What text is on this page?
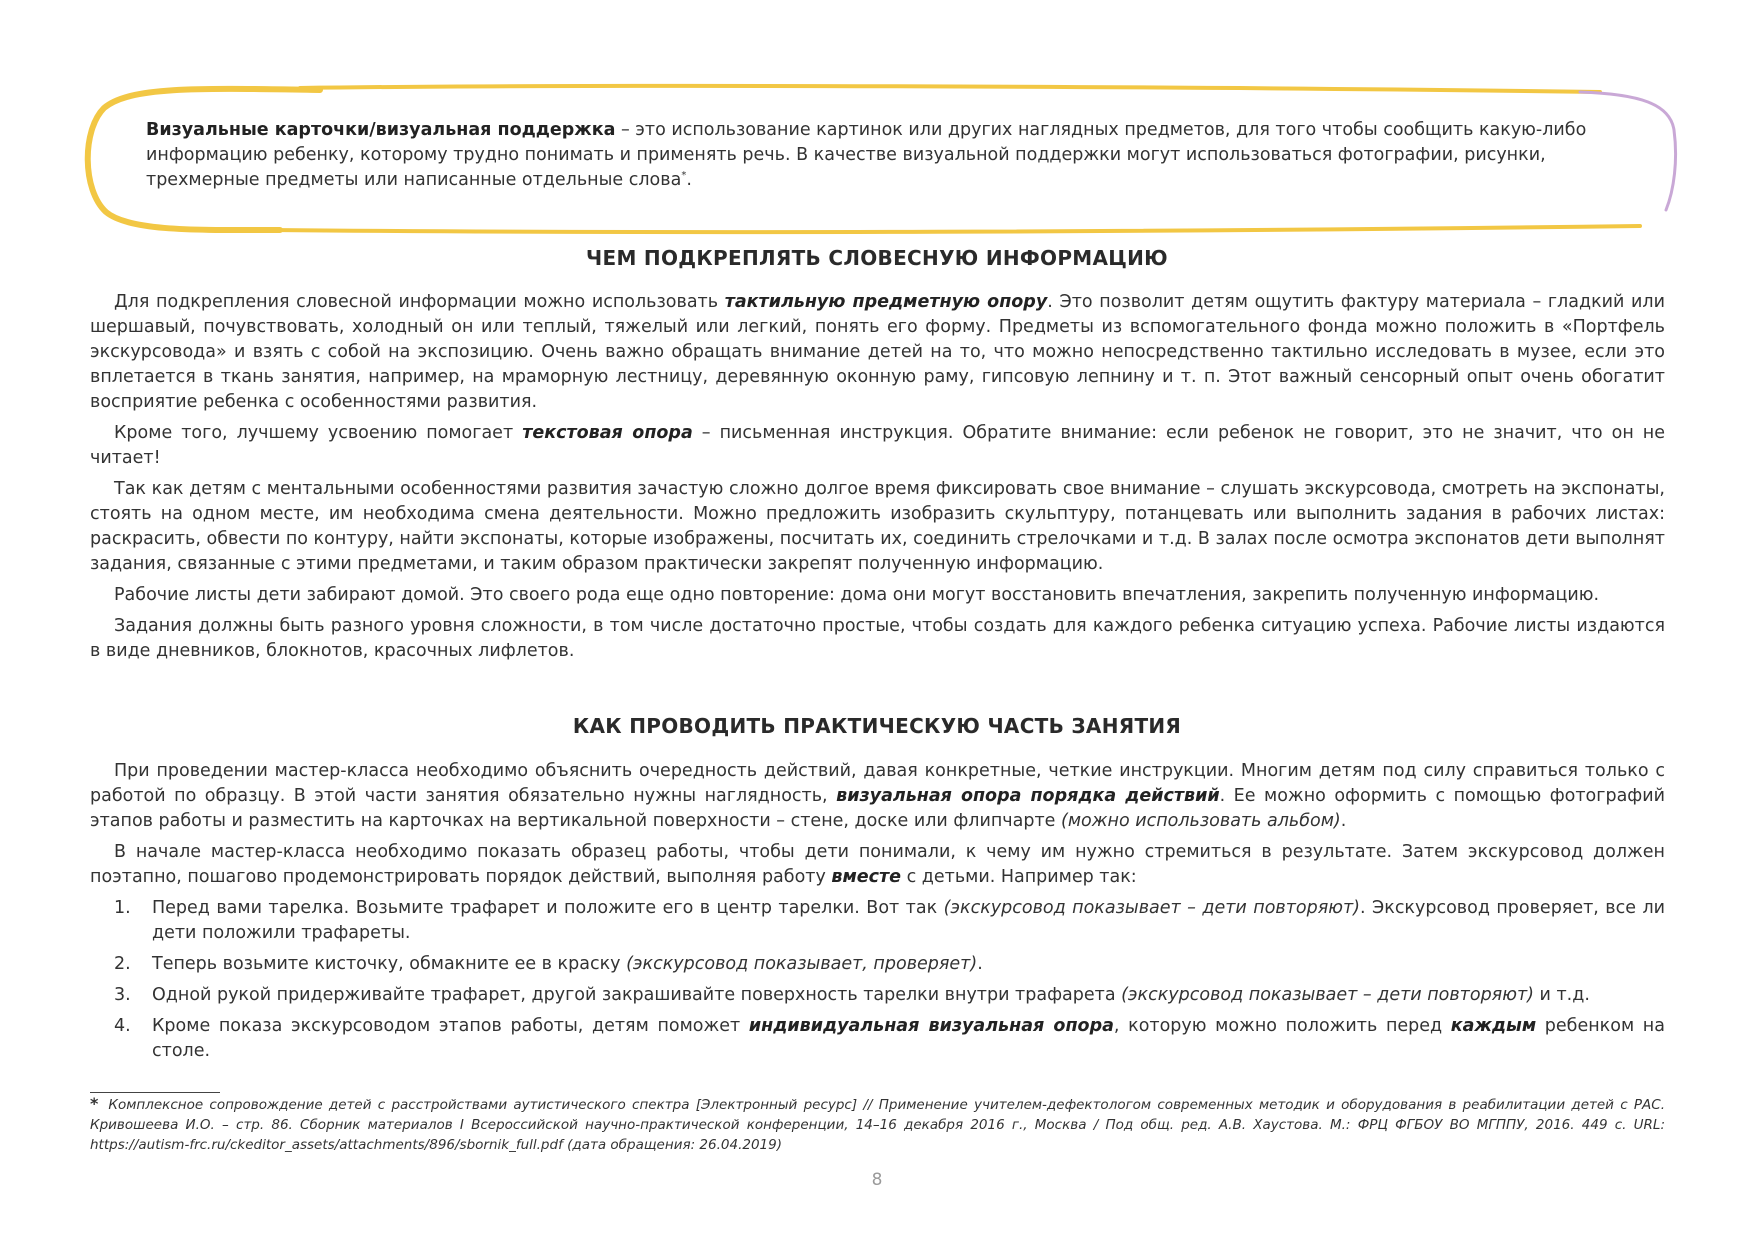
Визуальные карточки/визуальная поддержка – это использование картинок или других наглядных предметов, для того чтобы сообщить какую-либо информацию ребенку, которому трудно понимать и применять речь. В качестве визуальной поддержки могут использоваться фотографии, рисунки, трехмерные предметы или написанные отдельные слова*.
ЧЕМ ПОДКРЕПЛЯТЬ СЛОВЕСНУЮ ИНФОРМАЦИЮ

Для подкрепления словесной информации можно использовать тактильную предметную опору. Это позволит детям ощутить фактуру материала – гладкий или шершавый, почувствовать, холодный он или теплый, тяжелый или легкий, понять его форму. Предметы из вспомогательного фонда можно положить в «Портфель экскурсовода» и взять с собой на экспозицию. Очень важно обращать внимание детей на то, что можно непосредственно тактильно исследовать в музее, если это вплетается в ткань занятия, например, на мраморную лестницу, деревянную оконную раму, гипсовую лепнину и т. п. Этот важный сенсорный опыт очень обогатит восприятие ребенка с особенностями развития.

Кроме того, лучшему усвоению помогает текстовая опора – письменная инструкция. Обратите внимание: если ребенок не говорит, это не значит, что он не читает!

Так как детям с ментальными особенностями развития зачастую сложно долгое время фиксировать свое внимание – слушать экскурсовода, смотреть на экспонаты, стоять на одном месте, им необходима смена деятельности. Можно предложить изобразить скульптуру, потанцевать или выполнить задания в рабочих листах: раскрасить, обвести по контуру, найти экспонаты, которые изображены, посчитать их, соединить стрелочками и т.д. В залах после осмотра экспонатов дети выполнят задания, связанные с этими предметами, и таким образом практически закрепят полученную информацию.

Рабочие листы дети забирают домой. Это своего рода еще одно повторение: дома они могут восстановить впечатления, закрепить полученную информацию.

Задания должны быть разного уровня сложности, в том числе достаточно простые, чтобы создать для каждого ребенка ситуацию успеха. Рабочие листы издаются в виде дневников, блокнотов, красочных лифлетов.

КАК ПРОВОДИТЬ ПРАКТИЧЕСКУЮ ЧАСТЬ ЗАНЯТИЯ

При проведении мастер-класса необходимо объяснить очередность действий, давая конкретные, четкие инструкции. Многим детям под силу справиться только с работой по образцу. В этой части занятия обязательно нужны наглядность, визуальная опора порядка действий. Ее можно оформить с помощью фотографий этапов работы и разместить на карточках на вертикальной поверхности – стене, доске или флипчарте (можно использовать альбом).

В начале мастер-класса необходимо показать образец работы, чтобы дети понимали, к чему им нужно стремиться в результате. Затем экскурсовод должен поэтапно, пошагово продемонстрировать порядок действий, выполняя работу вместе с детьми. Например так:

1. Перед вами тарелка. Возьмите трафарет и положите его в центр тарелки. Вот так (экскурсовод показывает – дети повторяют). Экскурсовод проверяет, все ли дети положили трафареты.
2. Теперь возьмите кисточку, обмакните ее в краску (экскурсовод показывает, проверяет).
3. Одной рукой придерживайте трафарет, другой закрашивайте поверхность тарелки внутри трафарета (экскурсовод показывает – дети повторяют) и т.д.
4. Кроме показа экскурсоводом этапов работы, детям поможет индивидуальная визуальная опора, которую можно положить перед каждым ребенком на столе.
* Комплексное сопровождение детей с расстройствами аутистического спектра [Электронный ресурс] // Применение учителем-дефектологом современных методик и оборудования в реабилитации детей с РАС. Кривошеева И.О. – стр. 86. Сборник материалов I Всероссийской научно-практической конференции, 14–16 декабря 2016 г., Москва / Под общ. ред. А.В. Хаустова. М.: ФРЦ ФГБОУ ВО МГППУ, 2016. 449 с. URL: https://autism-frc.ru/ckeditor_assets/attachments/896/sbornik_full.pdf (дата обращения: 26.04.2019)
8
